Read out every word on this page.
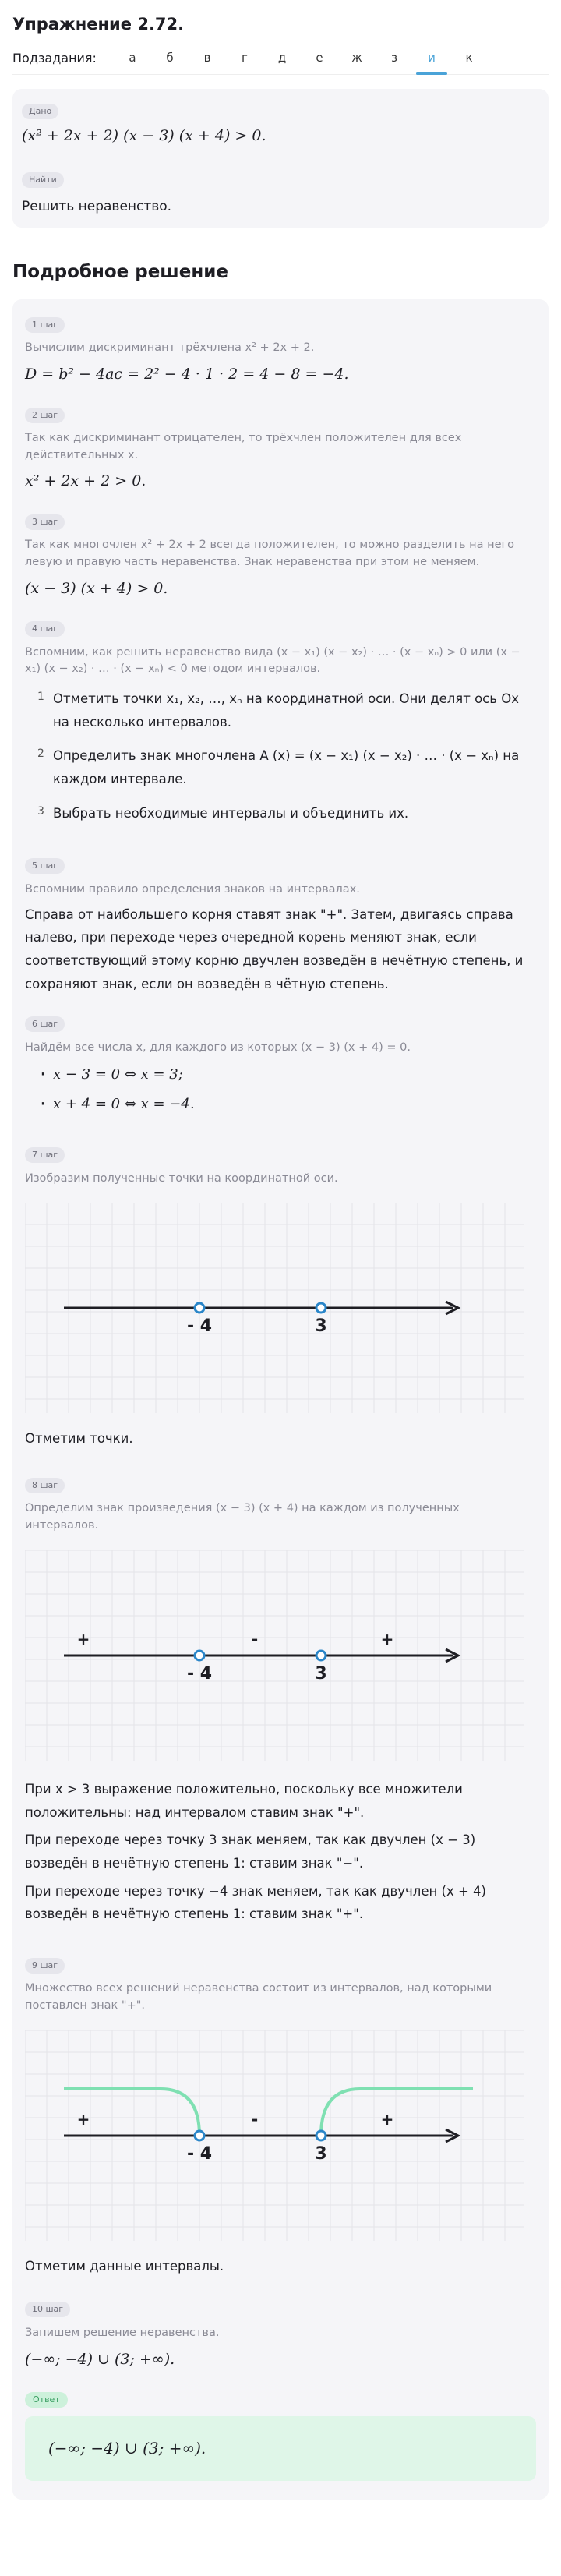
Упражнение 2.72.
Подзадания:	а	б	в	г	д	е	ж	з	и	к
Дано
(x² + 2x + 2) (x − 3) (x + 4) > 0.
Найти
Решить неравенство.
Подробное решение
1 шаг
Вычислим дискриминант трёхчлена x² + 2x + 2.
D = b² − 4ac = 2² − 4 · 1 · 2 = 4 − 8 = −4.
2 шаг
Так как дискриминант отрицателен, то трёхчлен положителен для всех действительных x.
x² + 2x + 2 > 0.
3 шаг
Так как многочлен x² + 2x + 2 всегда положителен, то можно разделить на него левую и правую часть неравенства. Знак неравенства при этом не меняем.
(x − 3) (x + 4) > 0.
4 шаг
Вспомним, как решить неравенство вида (x − x₁) (x − x₂) · … · (x − xₙ) > 0 или (x − x₁) (x − x₂) · … · (x − xₙ) < 0 методом интервалов.
1 Отметить точки x₁, x₂, …, xₙ на координатной оси. Они делят ось Ox на несколько интервалов.
2 Определить знак многочлена A (x) = (x − x₁) (x − x₂) · … · (x − xₙ) на каждом интервале.
3 Выбрать необходимые интервалы и объединить их.
5 шаг
Вспомним правило определения знаков на интервалах.
Справа от наибольшего корня ставят знак "+". Затем, двигаясь справа налево, при переходе через очередной корень меняют знак, если соответствующий этому корню двучлен возведён в нечётную степень, и сохраняют знак, если он возведён в чётную степень.
6 шаг
Найдём все числа x, для каждого из которых (x − 3) (x + 4) = 0.
· x − 3 = 0 ⇔ x = 3;
· x + 4 = 0 ⇔ x = −4.
7 шаг
Изобразим полученные точки на координатной оси.
- 4	3
Отметим точки.
8 шаг
Определим знак произведения (x − 3) (x + 4) на каждом из полученных интервалов.
- 4	3
+	-	+
При x > 3 выражение положительно, поскольку все множители положительны: над интервалом ставим знак "+".
При переходе через точку 3 знак меняем, так как двучлен (x − 3) возведён в нечётную степень 1: ставим знак "−".
При переходе через точку −4 знак меняем, так как двучлен (x + 4) возведён в нечётную степень 1: ставим знак "+".
9 шаг
Множество всех решений неравенства состоит из интервалов, над которыми поставлен знак "+".
- 4	3
+	-	+
Отметим данные интервалы.
10 шаг
Запишем решение неравенства.
(−∞; −4) ∪ (3; +∞).
Ответ
(−∞; −4) ∪ (3; +∞).
